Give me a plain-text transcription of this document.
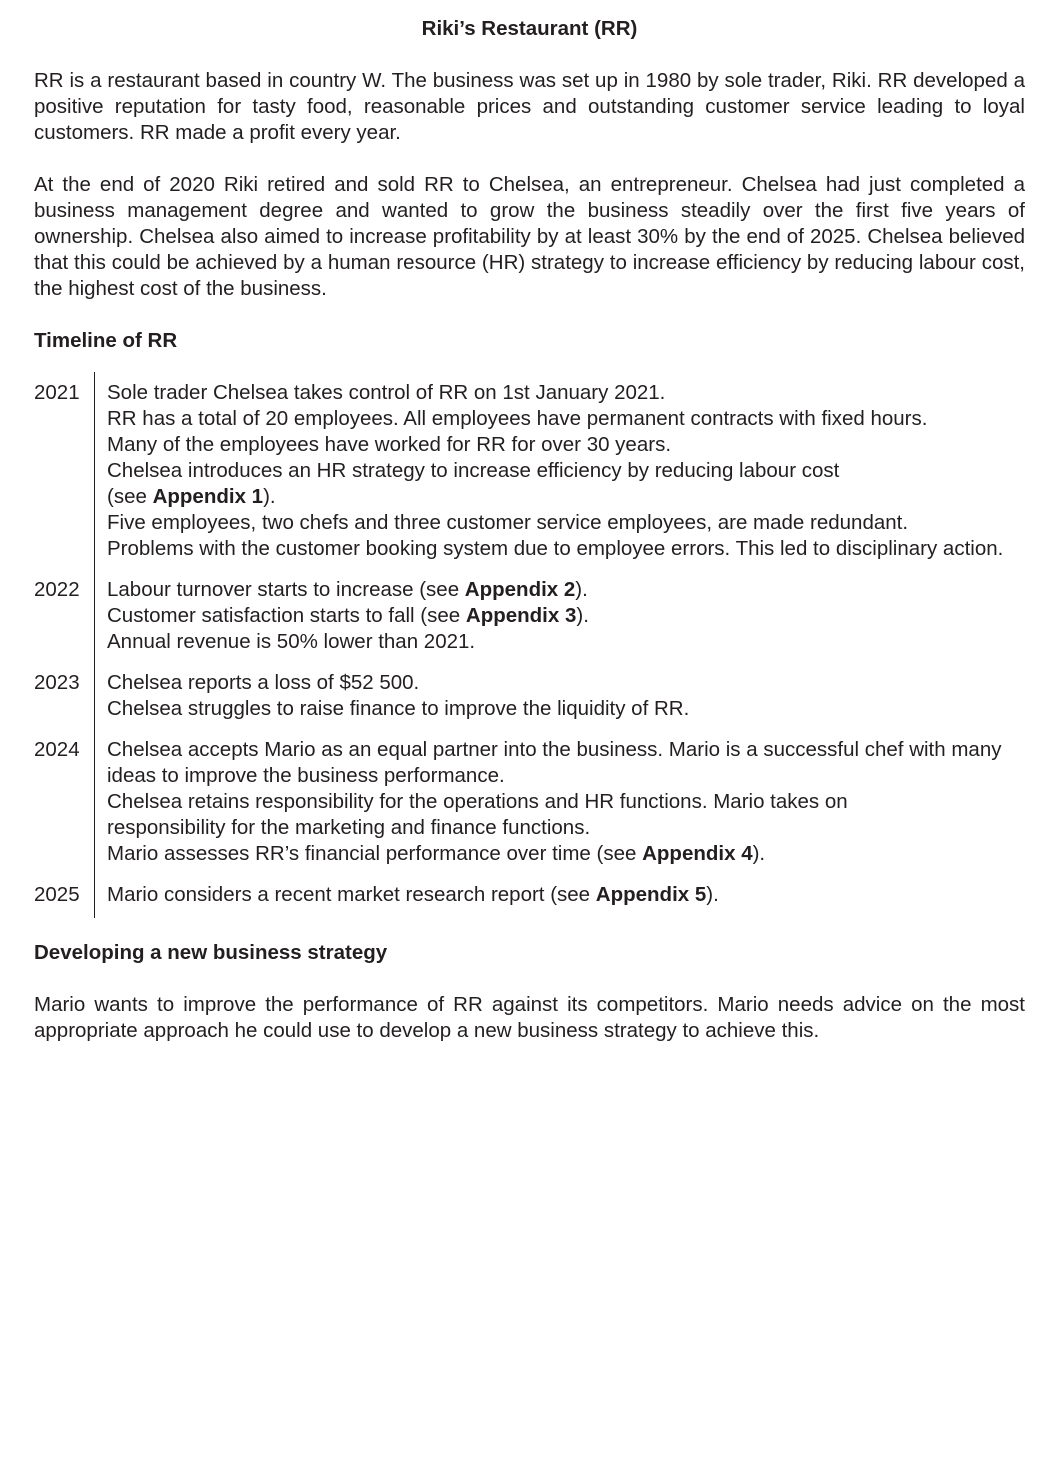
Riki’s Restaurant (RR)

RR is a restaurant based in country W. The business was set up in 1980 by sole trader, Riki. RR developed a positive reputation for tasty food, reasonable prices and outstanding customer service leading to loyal customers. RR made a profit every year.

At the end of 2020 Riki retired and sold RR to Chelsea, an entrepreneur. Chelsea had just completed a business management degree and wanted to grow the business steadily over the first five years of ownership. Chelsea also aimed to increase profitability by at least 30% by the end of 2025. Chelsea believed that this could be achieved by a human resource (HR) strategy to increase efficiency by reducing labour cost, the highest cost of the business.

Timeline of RR
2021	Sole trader Chelsea takes control of RR on 1st January 2021.
RR has a total of 20 employees. All employees have permanent contracts with fixed hours.
Many of the employees have worked for RR for over 30 years.
Chelsea introduces an HR strategy to increase efficiency by reducing labour cost
(see Appendix 1).
Five employees, two chefs and three customer service employees, are made redundant.
Problems with the customer booking system due to employee errors. This led to disciplinary action.
2022	Labour turnover starts to increase (see Appendix 2).
Customer satisfaction starts to fall (see Appendix 3).
Annual revenue is 50% lower than 2021.
2023	Chelsea reports a loss of $52 500.
Chelsea struggles to raise finance to improve the liquidity of RR.
2024	Chelsea accepts Mario as an equal partner into the business. Mario is a successful chef with many ideas to improve the business performance.
Chelsea retains responsibility for the operations and HR functions. Mario takes on
responsibility for the marketing and finance functions.
Mario assesses RR’s financial performance over time (see Appendix 4).
2025	Mario considers a recent market research report (see Appendix 5).
Developing a new business strategy

Mario wants to improve the performance of RR against its competitors. Mario needs advice on the most appropriate approach he could use to develop a new business strategy to achieve this.
